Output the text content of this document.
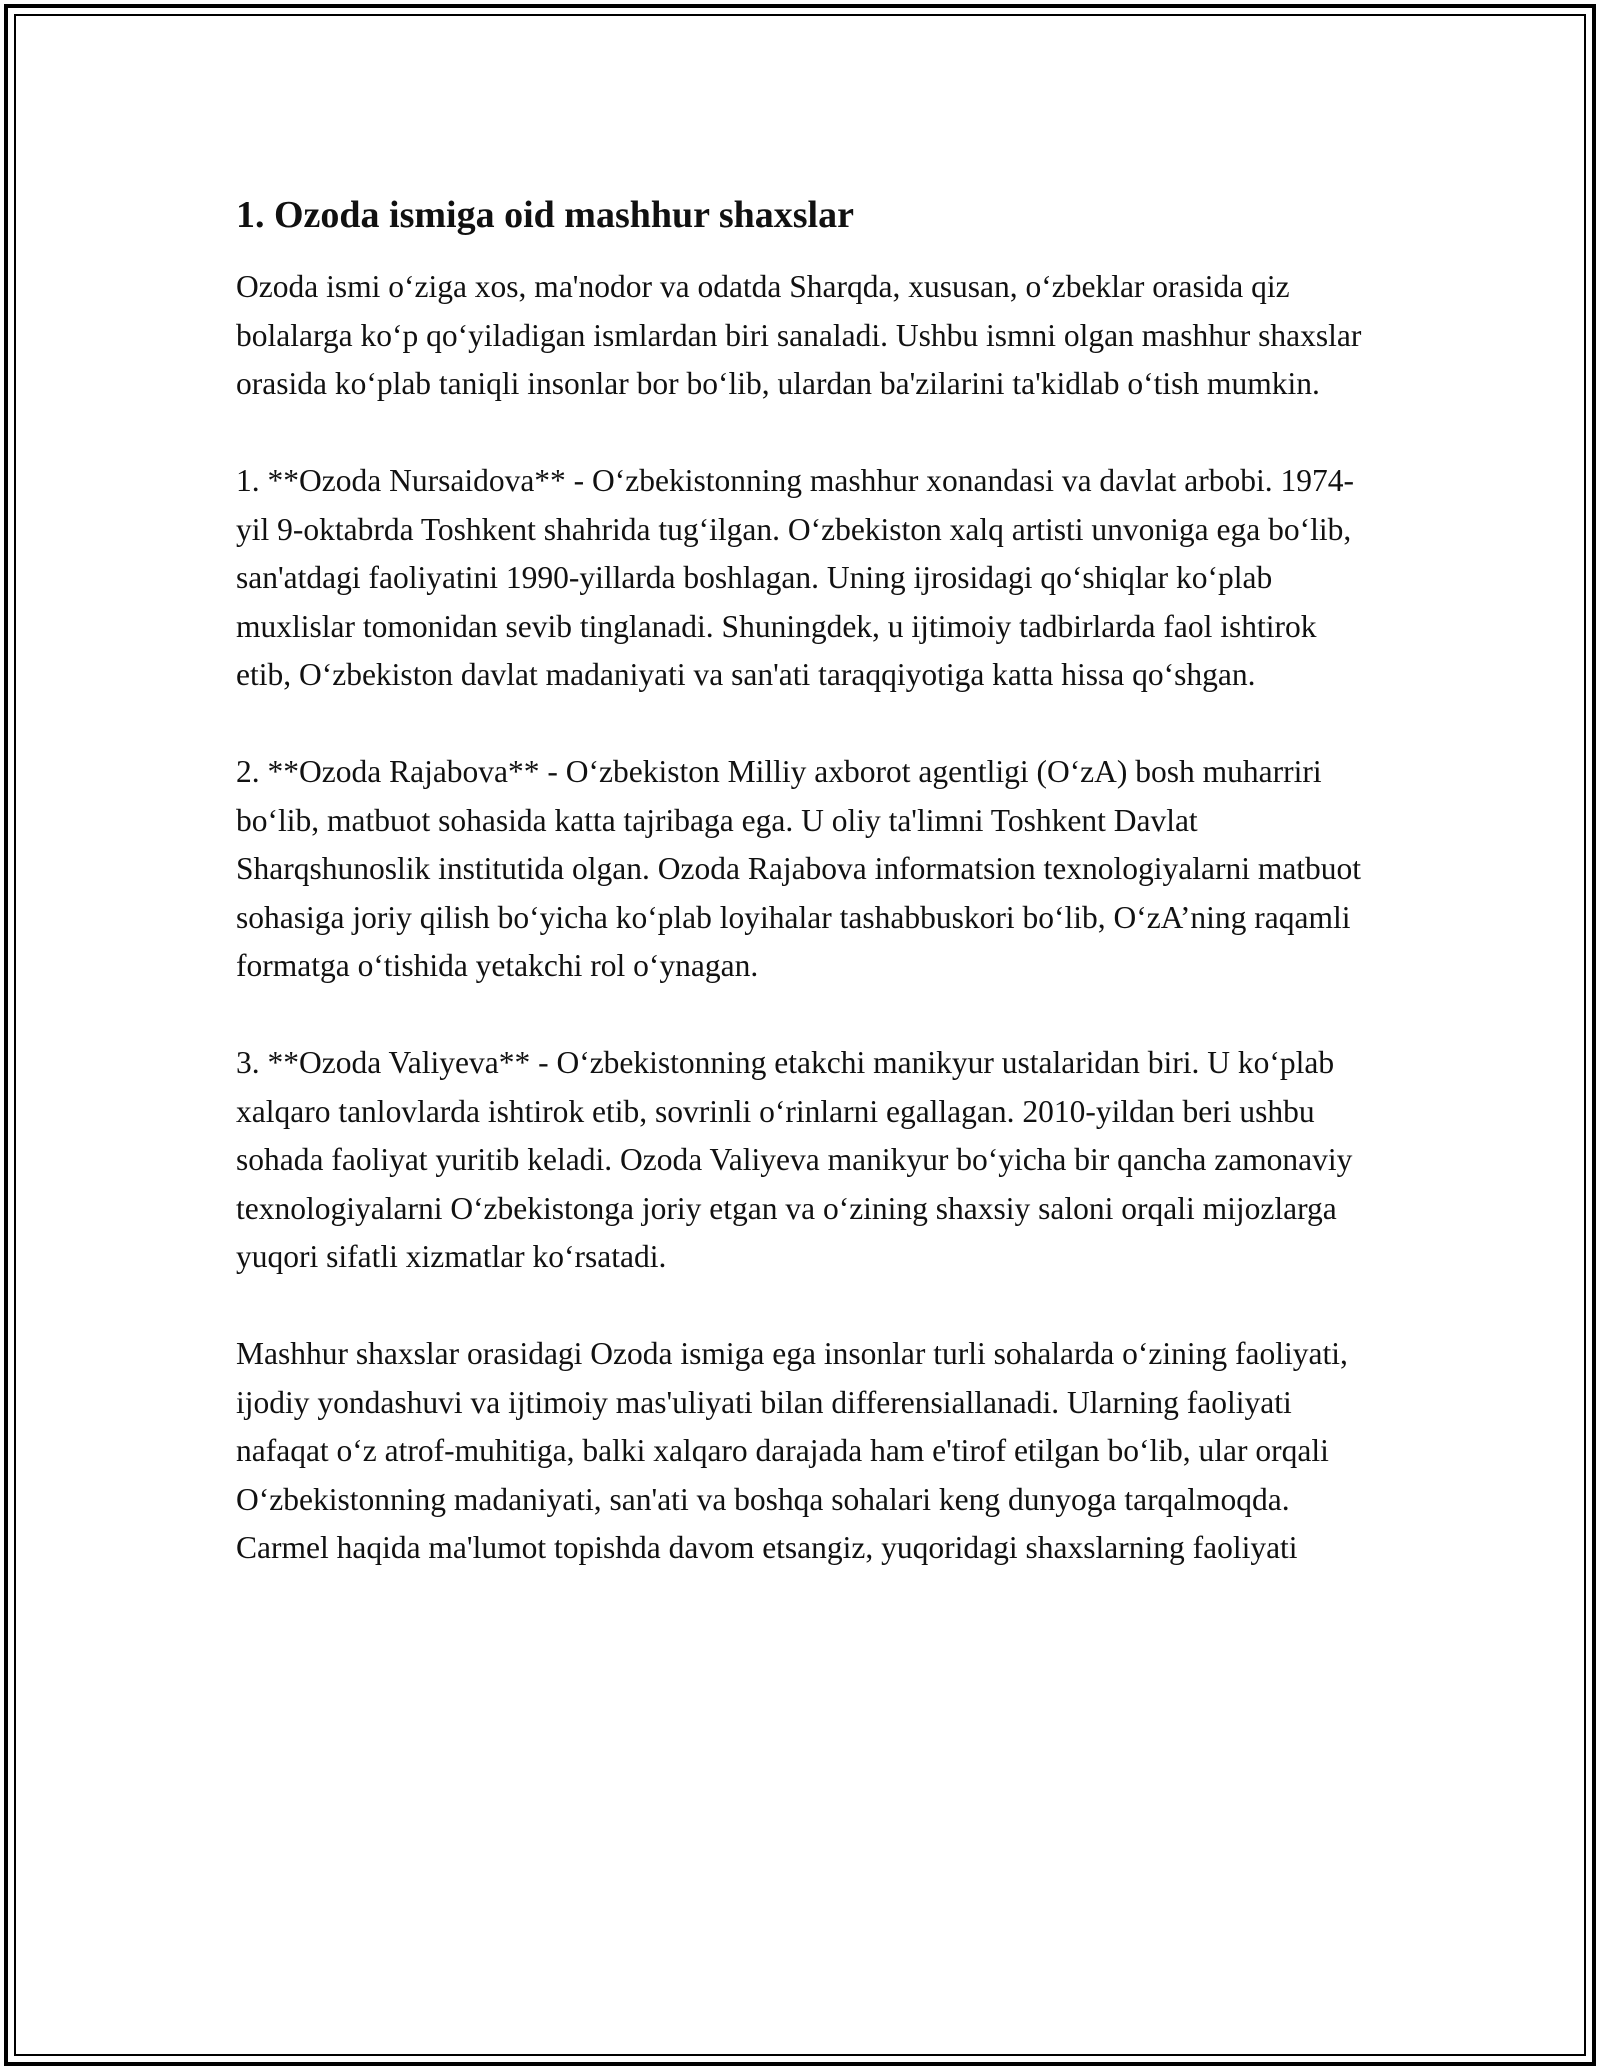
1. Ozoda ismiga oid mashhur shaxslar

Ozoda ismi o‘ziga xos, ma'nodor va odatda Sharqda, xususan, o‘zbeklar orasida qiz bolalarga ko‘p qo‘yiladigan ismlardan biri sanaladi. Ushbu ismni olgan mashhur shaxslar orasida ko‘plab taniqli insonlar bor bo‘lib, ulardan ba'zilarini ta'kidlab o‘tish mumkin.

1. **Ozoda Nursaidova** - O‘zbekistonning mashhur xonandasi va davlat arbobi. 1974-yil 9-oktabrda Toshkent shahrida tug‘ilgan. O‘zbekiston xalq artisti unvoniga ega bo‘lib, san'atdagi faoliyatini 1990-yillarda boshlagan. Uning ijrosidagi qo‘shiqlar ko‘plab muxlislar tomonidan sevib tinglanadi. Shuningdek, u ijtimoiy tadbirlarda faol ishtirok etib, O‘zbekiston davlat madaniyati va san'ati taraqqiyotiga katta hissa qo‘shgan.

2. **Ozoda Rajabova** - O‘zbekiston Milliy axborot agentligi (O‘zA) bosh muharriri bo‘lib, matbuot sohasida katta tajribaga ega. U oliy ta'limni Toshkent Davlat Sharqshunoslik institutida olgan. Ozoda Rajabova informatsion texnologiyalarni matbuot sohasiga joriy qilish bo‘yicha ko‘plab loyihalar tashabbuskori bo‘lib, O‘zA’ning raqamli formatga o‘tishida yetakchi rol o‘ynagan.

3. **Ozoda Valiyeva** - O‘zbekistonning etakchi manikyur ustalaridan biri. U ko‘plab xalqaro tanlovlarda ishtirok etib, sovrinli o‘rinlarni egallagan. 2010-yildan beri ushbu sohada faoliyat yuritib keladi. Ozoda Valiyeva manikyur bo‘yicha bir qancha zamonaviy texnologiyalarni O‘zbekistonga joriy etgan va o‘zining shaxsiy saloni orqali mijozlarga yuqori sifatli xizmatlar ko‘rsatadi.

Mashhur shaxslar orasidagi Ozoda ismiga ega insonlar turli sohalarda o‘zining faoliyati, ijodiy yondashuvi va ijtimoiy mas'uliyati bilan differensiallanadi. Ularning faoliyati nafaqat o‘z atrof-muhitiga, balki xalqaro darajada ham e'tirof etilgan bo‘lib, ular orqali O‘zbekistonning madaniyati, san'ati va boshqa sohalari keng dunyoga tarqalmoqda. Carmel haqida ma'lumot topishda davom etsangiz, yuqoridagi shaxslarning faoliyati
